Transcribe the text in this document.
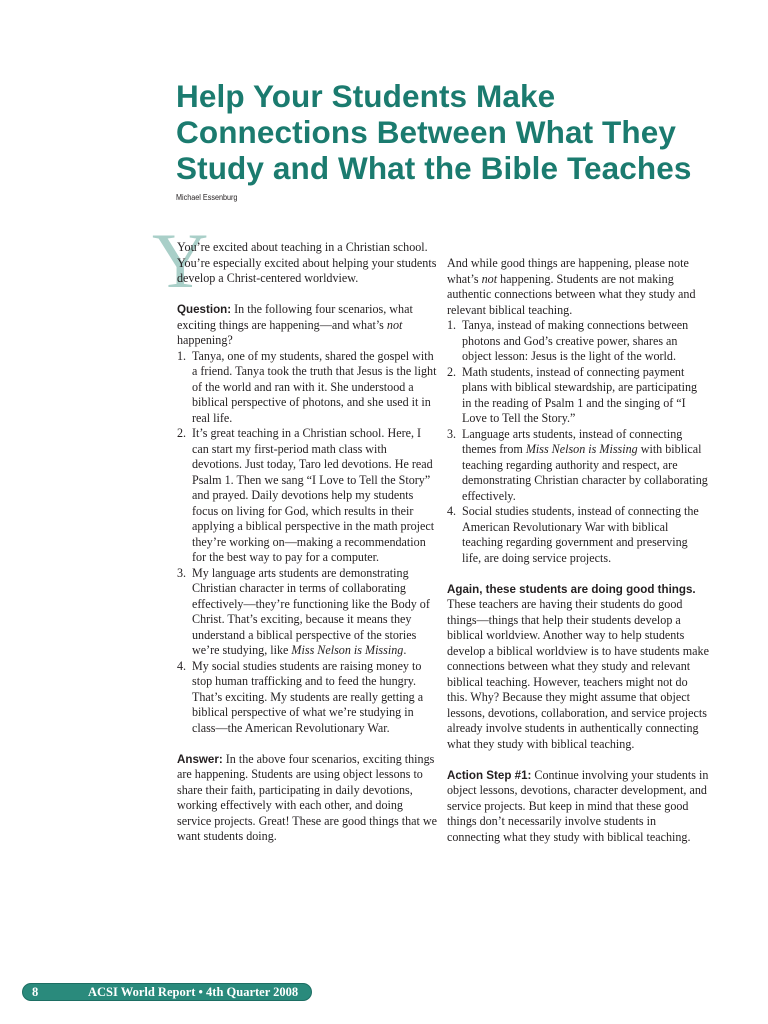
Help Your Students Make
Connections Between What They
Study and What the Bible Teaches
Michael Essenburg
Y

You’re excited about teaching in a Christian school. You’re especially excited about helping your students develop a Christ-centered worldview.

Question: In the following four scenarios, what exciting things are happening—and what’s not happening?

1. Tanya, one of my students, shared the gospel with a friend. Tanya took the truth that Jesus is the light of the world and ran with it. She understood a biblical perspective of photons, and she used it in real life.
2. It’s great teaching in a Christian school. Here, I can start my first-period math class with devotions. Just today, Taro led devotions. He read Psalm 1. Then we sang “I Love to Tell the Story” and prayed. Daily devotions help my students focus on living for God, which results in their applying a biblical perspective in the math project they’re working on—making a recommendation for the best way to pay for a computer.
3. My language arts students are demonstrating Christian character in terms of collaborating effectively—they’re functioning like the Body of Christ. That’s exciting, because it means they understand a biblical perspective of the stories we’re studying, like Miss Nelson is Missing.
4. My social studies students are raising money to stop human trafficking and to feed the hungry. That’s exciting. My students are really getting a biblical perspective of what we’re studying in class—the American Revolutionary War.

Answer: In the above four scenarios, exciting things are happening. Students are using object lessons to share their faith, participating in daily devotions, working effectively with each other, and doing service projects. Great! These are good things that we want students doing.

And while good things are happening, please note what’s not happening. Students are not making authentic connections between what they study and relevant biblical teaching.

1. Tanya, instead of making connections between photons and God’s creative power, shares an object lesson: Jesus is the light of the world.
2. Math students, instead of connecting payment plans with biblical stewardship, are participating in the reading of Psalm 1 and the singing of “I Love to Tell the Story.”
3. Language arts students, instead of connecting themes from Miss Nelson is Missing with biblical teaching regarding authority and respect, are demonstrating Christian character by collaborating effectively.
4. Social studies students, instead of connecting the American Revolutionary War with biblical teaching regarding government and preserving life, are doing service projects.

Again, these students are doing good things. These teachers are having their students do good things—things that help their students develop a biblical worldview. Another way to help students develop a biblical worldview is to have students make connections between what they study and relevant biblical teaching. However, teachers might not do this. Why? Because they might assume that object lessons, devotions, collaboration, and service projects already involve students in authentically connecting what they study with biblical teaching.

Action Step #1: Continue involving your students in object lessons, devotions, character development, and service projects. But keep in mind that these good things don’t necessarily involve students in connecting what they study with biblical teaching.

8	ACSI World Report • 4th Quarter 2008
